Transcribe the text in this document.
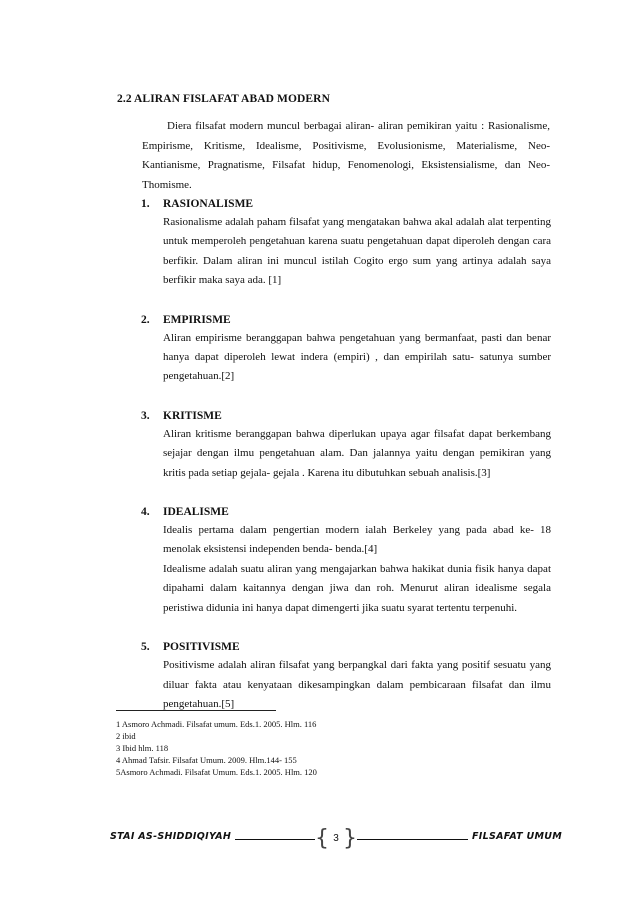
2.2 ALIRAN FISLAFAT ABAD MODERN

Diera filsafat modern muncul berbagai aliran- aliran pemikiran yaitu : Rasionalisme, Empirisme, Kritisme, Idealisme, Positivisme, Evolusionisme, Materialisme, Neo- Kantianisme, Pragnatisme, Filsafat hidup, Fenomenologi, Eksistensialisme, dan Neo- Thomisme.

1. RASIONALISME

Rasionalisme adalah paham filsafat yang mengatakan bahwa akal adalah alat terpenting untuk memperoleh pengetahuan karena suatu pengetahuan dapat diperoleh dengan cara berfikir. Dalam aliran ini muncul istilah Cogito ergo sum yang artinya adalah saya berfikir maka saya ada. [1]

2. EMPIRISME

Aliran empirisme beranggapan bahwa pengetahuan yang bermanfaat, pasti dan benar hanya dapat diperoleh lewat indera (empiri) , dan empirilah satu- satunya sumber pengetahuan.[2]

3. KRITISME

Aliran kritisme beranggapan bahwa diperlukan upaya agar filsafat dapat berkembang sejajar dengan ilmu pengetahuan alam. Dan jalannya yaitu dengan pemikiran yang kritis pada setiap gejala- gejala . Karena itu dibutuhkan sebuah analisis.[3]

4. IDEALISME

Idealis pertama dalam pengertian modern ialah Berkeley yang pada abad ke- 18 menolak eksistensi independen benda- benda.[4]

Idealisme adalah suatu aliran yang mengajarkan bahwa hakikat dunia fisik hanya dapat dipahami dalam kaitannya dengan jiwa dan roh. Menurut aliran idealisme segala peristiwa didunia ini hanya dapat dimengerti jika suatu syarat tertentu terpenuhi.

5. POSITIVISME

Positivisme adalah aliran filsafat yang berpangkal dari fakta yang positif sesuatu yang diluar fakta atau kenyataan dikesampingkan dalam pembicaraan filsafat dan ilmu pengetahuan.[5]

1 Asmoro Achmadi. Filsafat umum. Eds.1. 2005. Hlm. 116
2 ibid
3 Ibid hlm. 118
4 Ahmad Tafsir. Filsafat Umum. 2009. Hlm.144- 155
5Asmoro Achmadi. Filsafat Umum. Eds.1. 2005. Hlm. 120
STAI AS-SHIDDIQIYAH	{ 3 }	FILSAFAT UMUM
